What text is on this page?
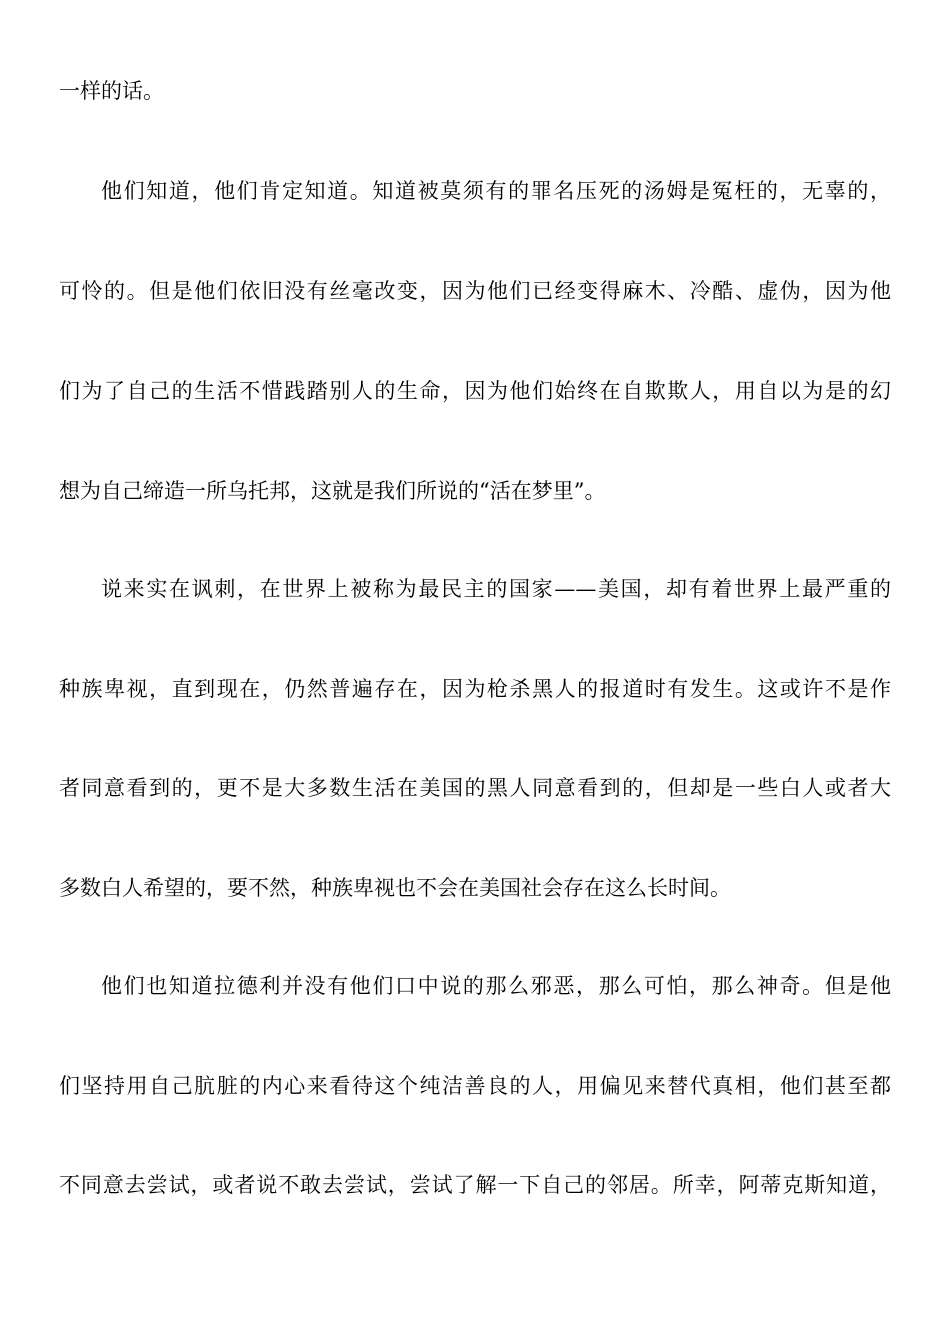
一样的话。
他们知道，他们肯定知道。知道被莫须有的罪名压死的汤姆是冤枉的，无辜的，
可怜的。但是他们依旧没有丝毫改变，因为他们已经变得麻木、冷酷、虚伪，因为他
们为了自己的生活不惜践踏别人的生命，因为他们始终在自欺欺人，用自以为是的幻
想为自己缔造一所乌托邦，这就是我们所说的“活在梦里”。
说来实在讽刺，在世界上被称为最民主的国家——美国，却有着世界上最严重的
种族卑视，直到现在，仍然普遍存在，因为枪杀黑人的报道时有发生。这或许不是作
者同意看到的，更不是大多数生活在美国的黑人同意看到的，但却是一些白人或者大
多数白人希望的，要不然，种族卑视也不会在美国社会存在这么长时间。
他们也知道拉德利并没有他们口中说的那么邪恶，那么可怕，那么神奇。但是他
们坚持用自己肮脏的内心来看待这个纯洁善良的人，用偏见来替代真相，他们甚至都
不同意去尝试，或者说不敢去尝试，尝试了解一下自己的邻居。所幸，阿蒂克斯知道，
